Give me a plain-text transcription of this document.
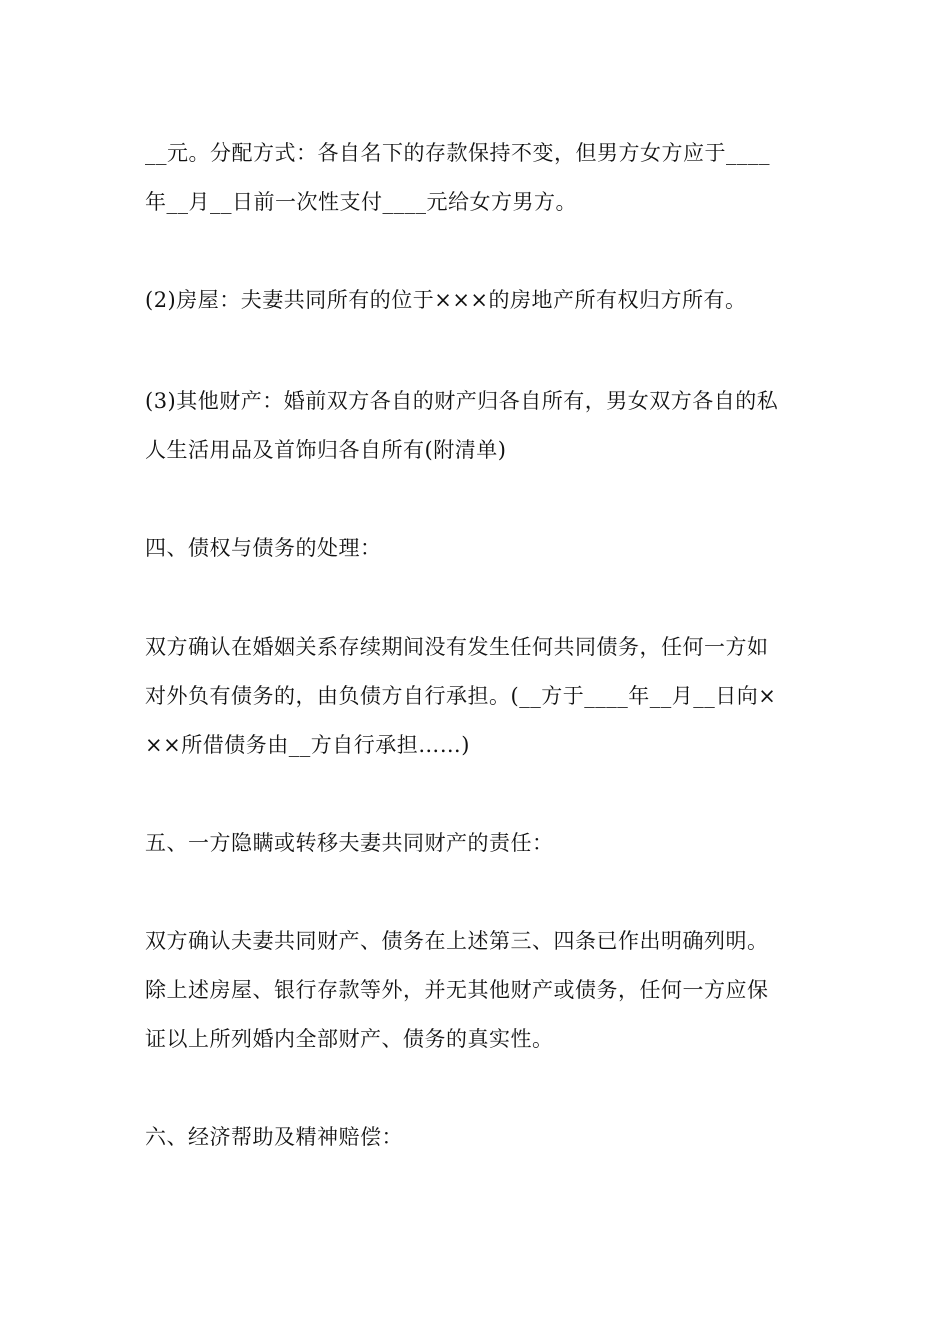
__元。分配方式：各自名下的存款保持不变，但男方女方应于____
年__月__日前一次性支付____元给女方男方。

(2)房屋：夫妻共同所有的位于×××的房地产所有权归方所有。

(3)其他财产：婚前双方各自的财产归各自所有，男女双方各自的私
人生活用品及首饰归各自所有(附清单)

四、债权与债务的处理：

双方确认在婚姻关系存续期间没有发生任何共同债务，任何一方如
对外负有债务的，由负债方自行承担。(__方于____年__月__日向×
××所借债务由__方自行承担……)

五、一方隐瞒或转移夫妻共同财产的责任：

双方确认夫妻共同财产、债务在上述第三、四条已作出明确列明。
除上述房屋、银行存款等外，并无其他财产或债务，任何一方应保
证以上所列婚内全部财产、债务的真实性。

六、经济帮助及精神赔偿：
